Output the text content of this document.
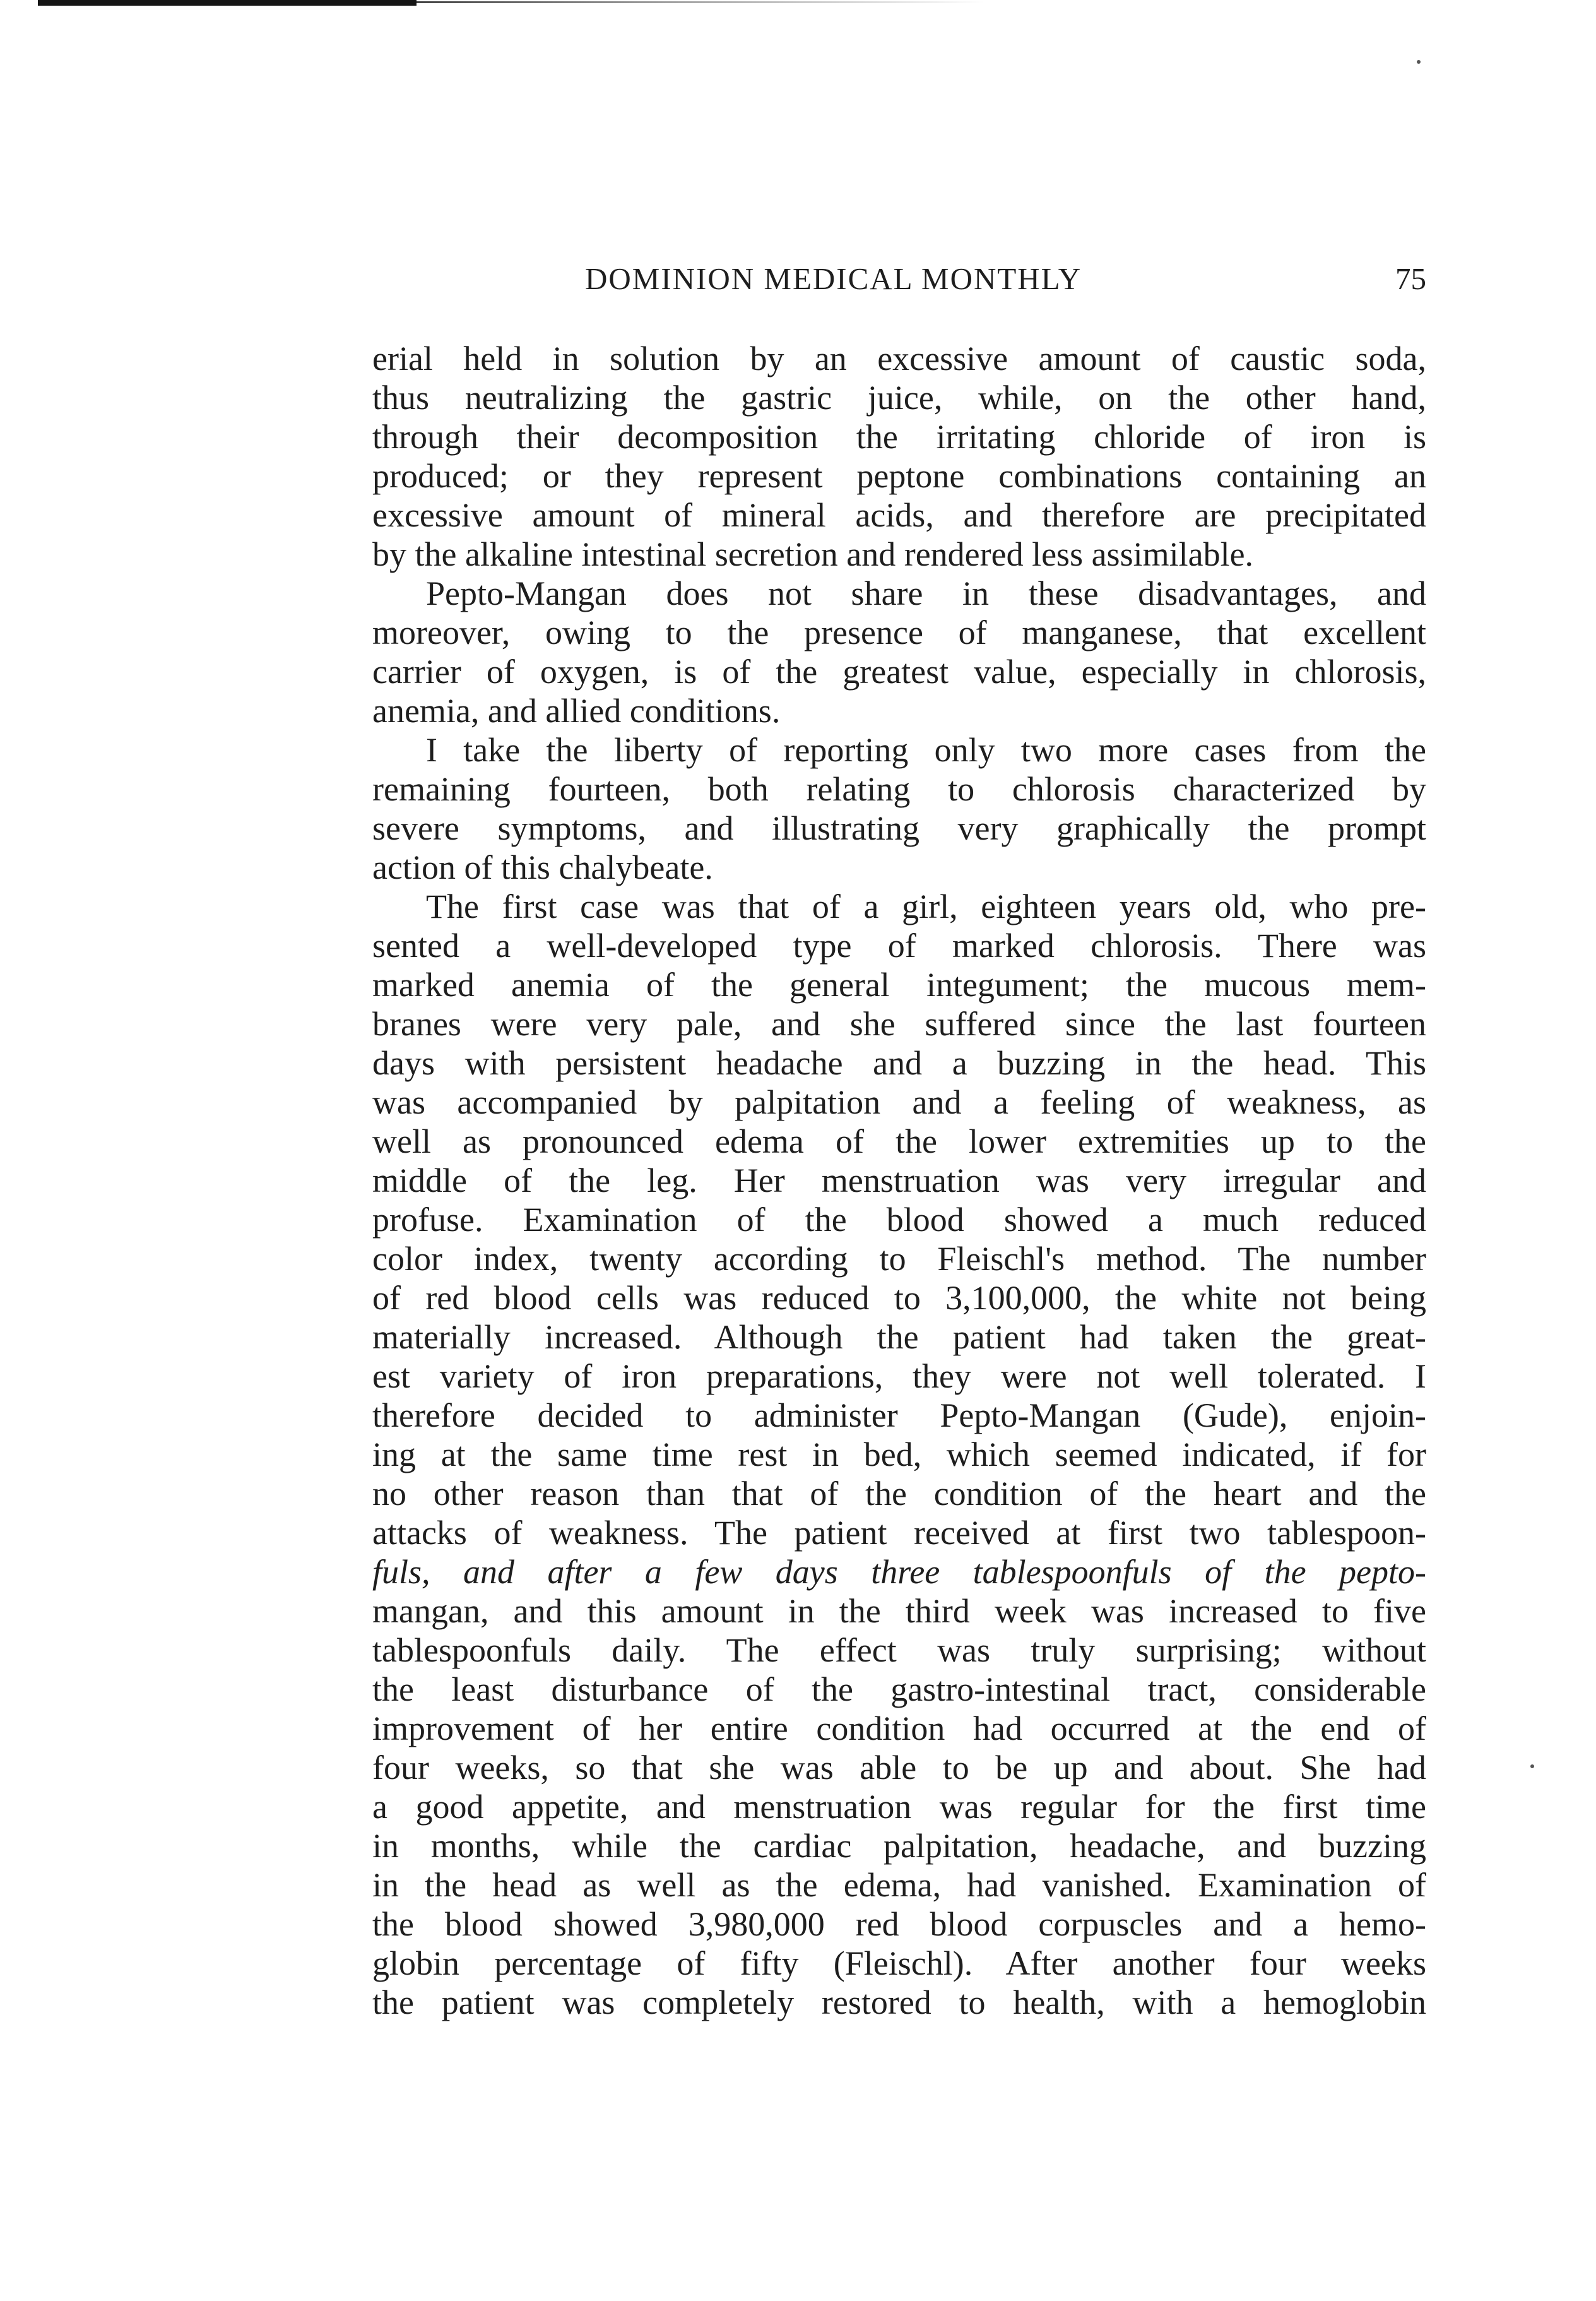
DOMINION MEDICAL MONTHLY	75
erial held in solution by an excessive amount of caustic soda,
thus neutralizing the gastric juice, while, on the other hand,
through their decomposition the irritating chloride of iron is
produced; or they represent peptone combinations containing an
excessive amount of mineral acids, and therefore are precipitated
by the alkaline intestinal secretion and rendered less assimilable.
Pepto-Mangan does not share in these disadvantages, and
moreover, owing to the presence of manganese, that excellent
carrier of oxygen, is of the greatest value, especially in chlorosis,
anemia, and allied conditions.
I take the liberty of reporting only two more cases from the
remaining fourteen, both relating to chlorosis characterized by
severe symptoms, and illustrating very graphically the prompt
action of this chalybeate.
The first case was that of a girl, eighteen years old, who pre-
sented a well-developed type of marked chlorosis. There was
marked anemia of the general integument; the mucous mem-
branes were very pale, and she suffered since the last fourteen
days with persistent headache and a buzzing in the head. This
was accompanied by palpitation and a feeling of weakness, as
well as pronounced edema of the lower extremities up to the
middle of the leg. Her menstruation was very irregular and
profuse. Examination of the blood showed a much reduced
color index, twenty according to Fleischl's method. The number
of red blood cells was reduced to 3,100,000, the white not being
materially increased. Although the patient had taken the great-
est variety of iron preparations, they were not well tolerated. I
therefore decided to administer Pepto-Mangan (Gude), enjoin-
ing at the same time rest in bed, which seemed indicated, if for
no other reason than that of the condition of the heart and the
attacks of weakness. The patient received at first two tablespoon-
fuls, and after a few days three tablespoonfuls of the pepto-
mangan, and this amount in the third week was increased to five
tablespoonfuls daily. The effect was truly surprising; without
the least disturbance of the gastro-intestinal tract, considerable
improvement of her entire condition had occurred at the end of
four weeks, so that she was able to be up and about. She had
a good appetite, and menstruation was regular for the first time
in months, while the cardiac palpitation, headache, and buzzing
in the head as well as the edema, had vanished. Examination of
the blood showed 3,980,000 red blood corpuscles and a hemo-
globin percentage of fifty (Fleischl). After another four weeks
the patient was completely restored to health, with a hemoglobin
